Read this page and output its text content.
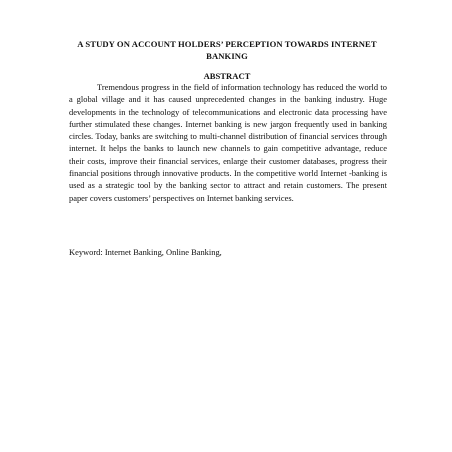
A STUDY ON ACCOUNT HOLDERS’ PERCEPTION TOWARDS INTERNET BANKING
ABSTRACT

Tremendous progress in the field of information technology has reduced the world to a global village and it has caused unprecedented changes in the banking industry. Huge developments in the technology of telecommunications and electronic data processing have further stimulated these changes. Internet banking is new jargon frequently used in banking circles. Today, banks are switching to multi-channel distribution of financial services through internet. It helps the banks to launch new channels to gain competitive advantage, reduce their costs, improve their financial services, enlarge their customer databases, progress their financial positions through innovative products. In the competitive world Internet -banking is used as a strategic tool by the banking sector to attract and retain customers. The present paper covers customers’ perspectives on Internet banking services.

Keyword: Internet Banking, Online Banking,
